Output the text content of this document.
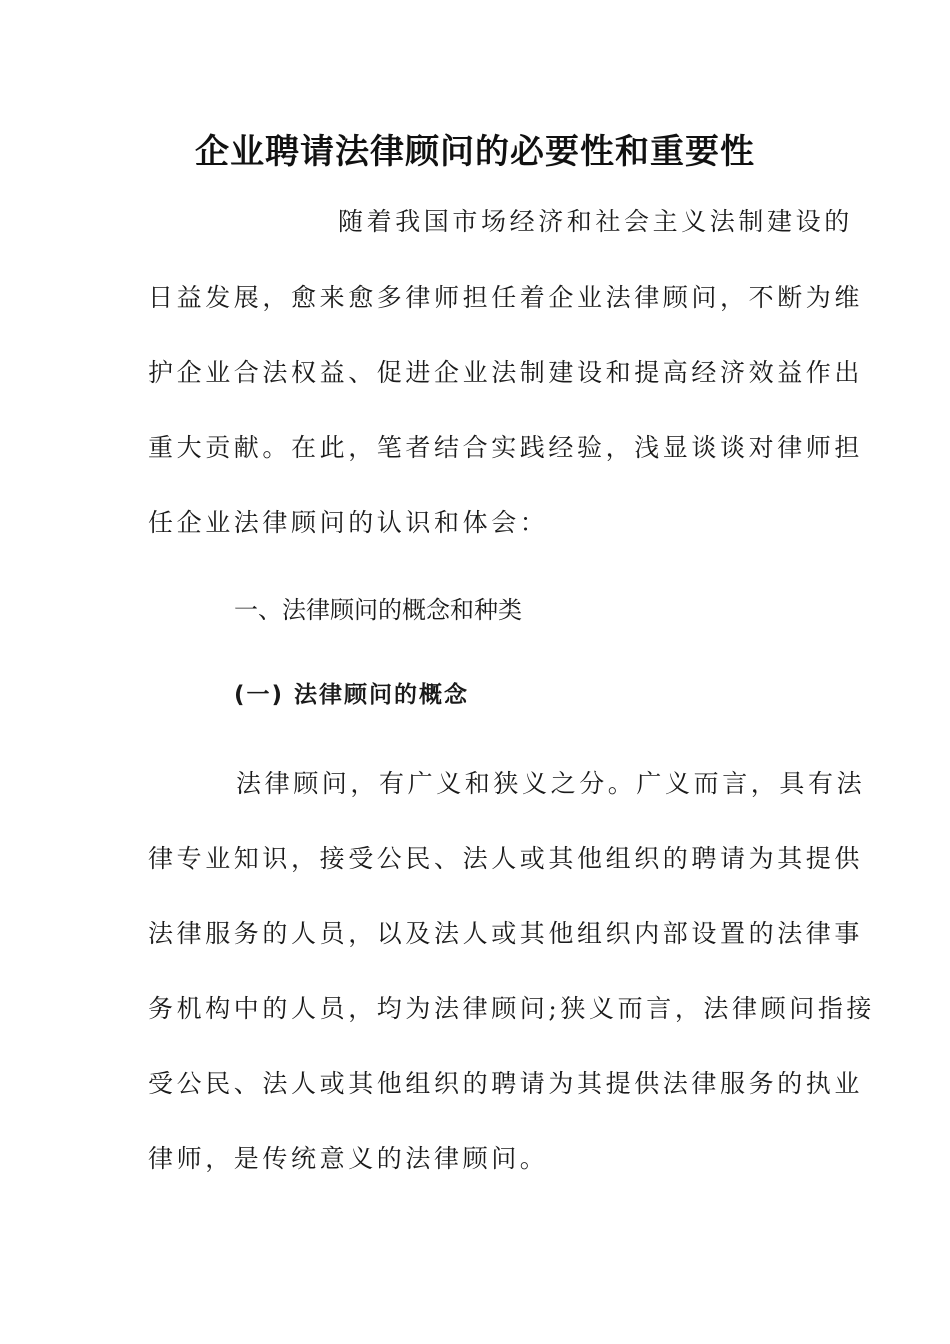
企业聘请法律顾问的必要性和重要性
随着我国市场经济和社会主义法制建设的
日益发展，愈来愈多律师担任着企业法律顾问，不断为维
护企业合法权益、促进企业法制建设和提高经济效益作出
重大贡献。在此，笔者结合实践经验，浅显谈谈对律师担
任企业法律顾问的认识和体会：
一、法律顾问的概念和种类
(一) 法律顾问的概念
法律顾问，有广义和狭义之分。广义而言，具有法
律专业知识，接受公民、法人或其他组织的聘请为其提供
法律服务的人员，以及法人或其他组织内部设置的法律事
务机构中的人员，均为法律顾问;狭义而言，法律顾问指接
受公民、法人或其他组织的聘请为其提供法律服务的执业
律师，是传统意义的法律顾问。
